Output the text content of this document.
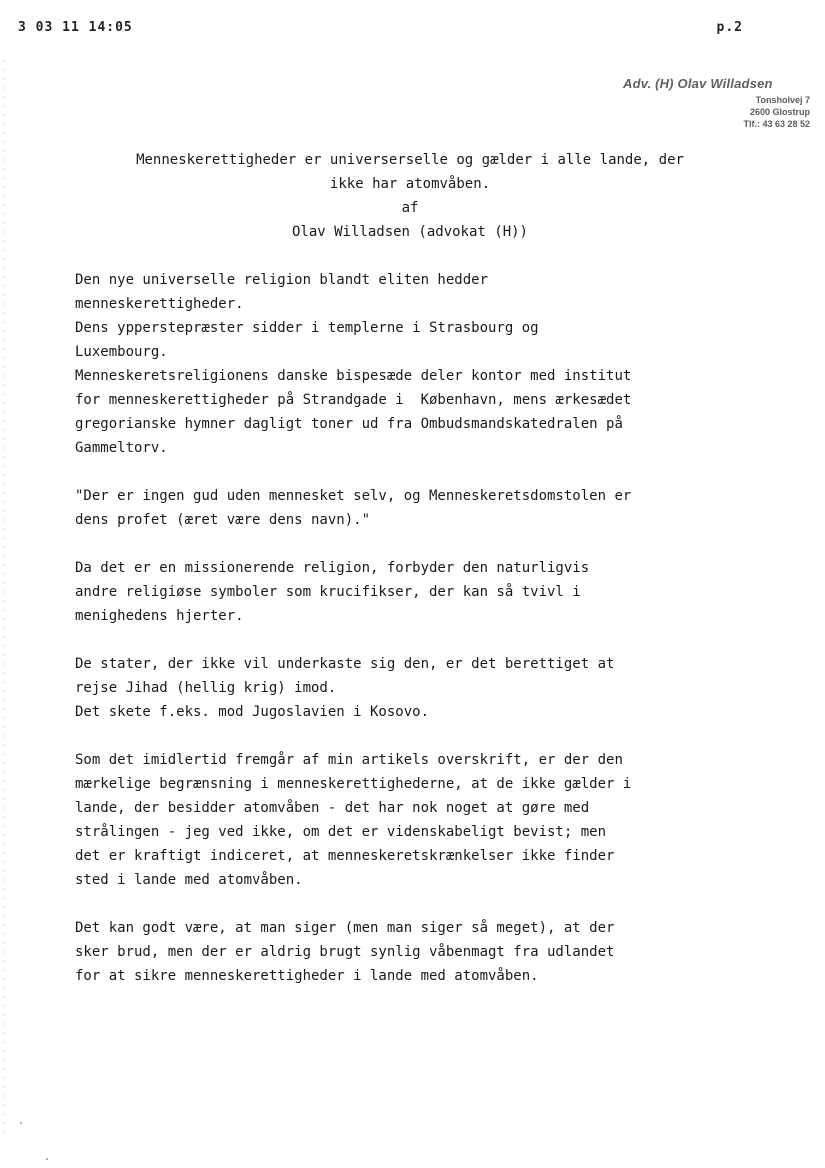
3 03 11 14:05	p.2
Adv. (H) Olav Willadsen
Tonsholvej 7
2600 Glostrup
Tlf.: 43 63 28 52
Menneskerettigheder er universerselle og gælder i alle lande, der
ikke har atomvåben.
af
Olav Willadsen (advokat (H))

Den nye universelle religion blandt eliten hedder
menneskerettigheder.
Dens ypperstepræster sidder i templerne i Strasbourg og
Luxembourg.
Menneskeretsreligionens danske bispesæde deler kontor med institut
for menneskerettigheder på Strandgade i  København, mens ærkesædet
gregorianske hymner dagligt toner ud fra Ombudsmandskatedralen på
Gammeltorv.

"Der er ingen gud uden mennesket selv, og Menneskeretsdomstolen er
dens profet (æret være dens navn)."

Da det er en missionerende religion, forbyder den naturligvis
andre religiøse symboler som krucifikser, der kan så tvivl i
menighedens hjerter.

De stater, der ikke vil underkaste sig den, er det berettiget at
rejse Jihad (hellig krig) imod.
Det skete f.eks. mod Jugoslavien i Kosovo.

Som det imidlertid fremgår af min artikels overskrift, er der den
mærkelige begrænsning i menneskerettighederne, at de ikke gælder i
lande, der besidder atomvåben - det har nok noget at gøre med
strålingen - jeg ved ikke, om det er videnskabeligt bevist; men
det er kraftigt indiceret, at menneskeretskrænkelser ikke finder
sted i lande med atomvåben.

Det kan godt være, at man siger (men man siger så meget), at der
sker brud, men der er aldrig brugt synlig våbenmagt fra udlandet
for at sikre menneskerettigheder i lande med atomvåben.
